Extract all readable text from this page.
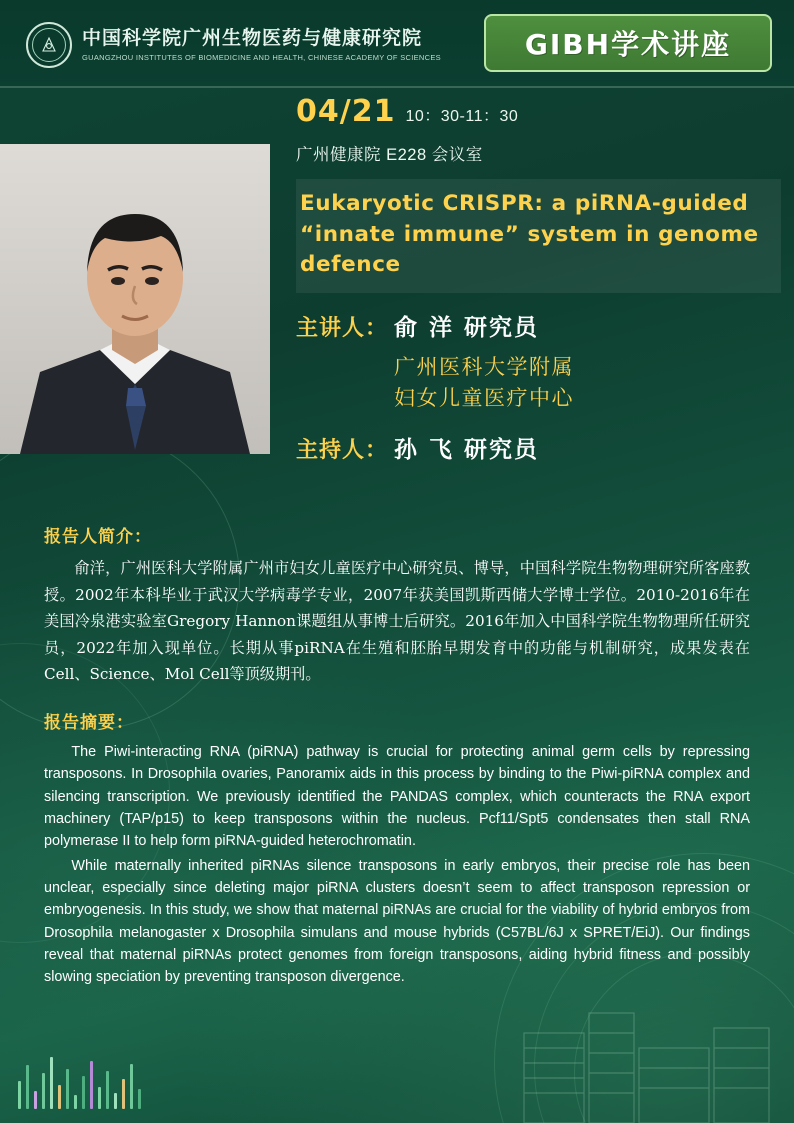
中国科学院广州生物医药与健康研究院
GUANGZHOU INSTITUTES OF BIOMEDICINE AND HEALTH, CHINESE ACADEMY OF SCIENCES	GIBH学术讲座
04/21 10：30-11：30
广州健康院 E228 会议室
Eukaryotic CRISPR: a piRNA-guided “innate immune” system in genome defence
主讲人： 俞 洋 研究员
广州医科大学附属
妇女儿童医疗中心
主持人： 孙 飞 研究员
报告人简介：
俞洋，广州医科大学附属广州市妇女儿童医疗中心研究员、博导，中国科学院生物物理研究所客座教授。2002年本科毕业于武汉大学病毒学专业，2007年获美国凯斯西储大学博士学位。2010-2016年在美国冷泉港实验室Gregory Hannon课题组从事博士后研究。2016年加入中国科学院生物物理所任研究员，2022年加入现单位。长期从事piRNA在生殖和胚胎早期发育中的功能与机制研究，成果发表在Cell、Science、Mol Cell等顶级期刊。
报告摘要：

The Piwi-interacting RNA (piRNA) pathway is crucial for protecting animal germ cells by repressing transposons. In Drosophila ovaries, Panoramix aids in this process by binding to the Piwi-piRNA complex and silencing transcription. We previously identified the PANDAS complex, which counteracts the RNA export machinery (TAP/p15) to keep transposons within the nucleus. Pcf11/Spt5 condensates then stall RNA polymerase II to help form piRNA-guided heterochromatin.

While maternally inherited piRNAs silence transposons in early embryos, their precise role has been unclear, especially since deleting major piRNA clusters doesn’t seem to affect transposon repression or embryogenesis. In this study, we show that maternal piRNAs are crucial for the viability of hybrid embryos from Drosophila melanogaster x Drosophila simulans and mouse hybrids (C57BL/6J x SPRET/EiJ). Our findings reveal that maternal piRNAs protect genomes from foreign transposons, aiding hybrid fitness and possibly slowing speciation by preventing transposon divergence.
